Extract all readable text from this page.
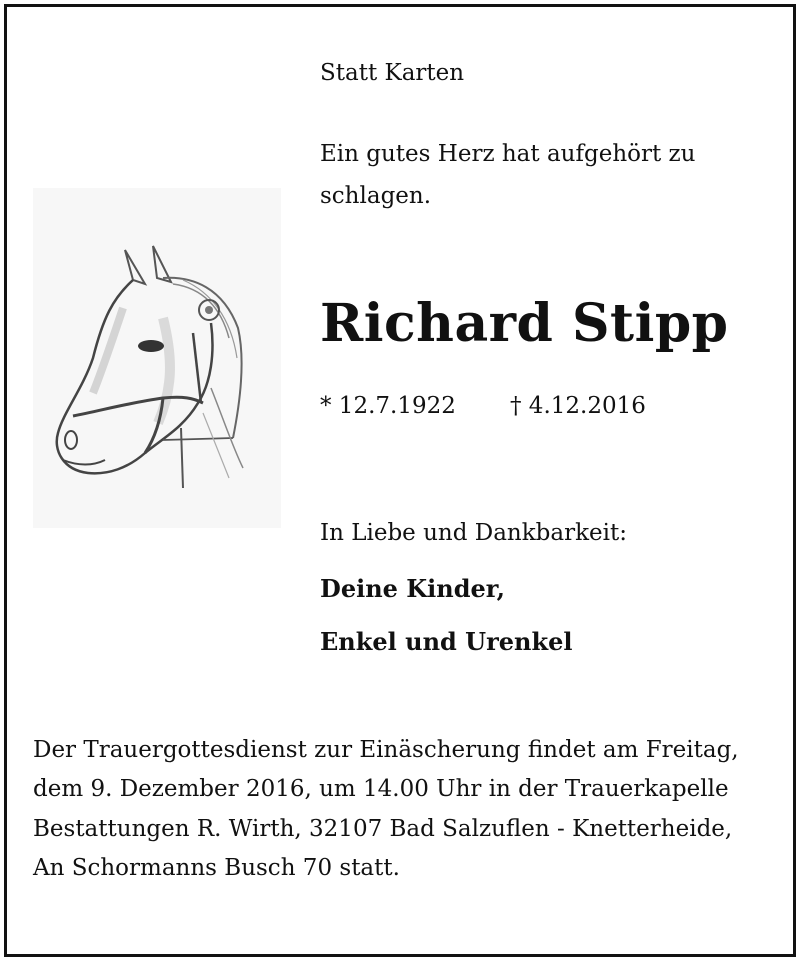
Statt Karten
Ein gutes Herz hat aufgehört zu
schlagen.
Richard Stipp
* 12.7.1922 † 4.12.2016
In Liebe und Dankbarkeit:
Deine Kinder,
Enkel und Urenkel
Der Trauergottesdienst zur Einäscherung findet am Freitag,
dem 9. Dezember 2016, um 14.00 Uhr in der Trauerkapelle
Bestattungen R. Wirth, 32107 Bad Salzuflen - Knetterheide,
An Schormanns Busch 70 statt.
